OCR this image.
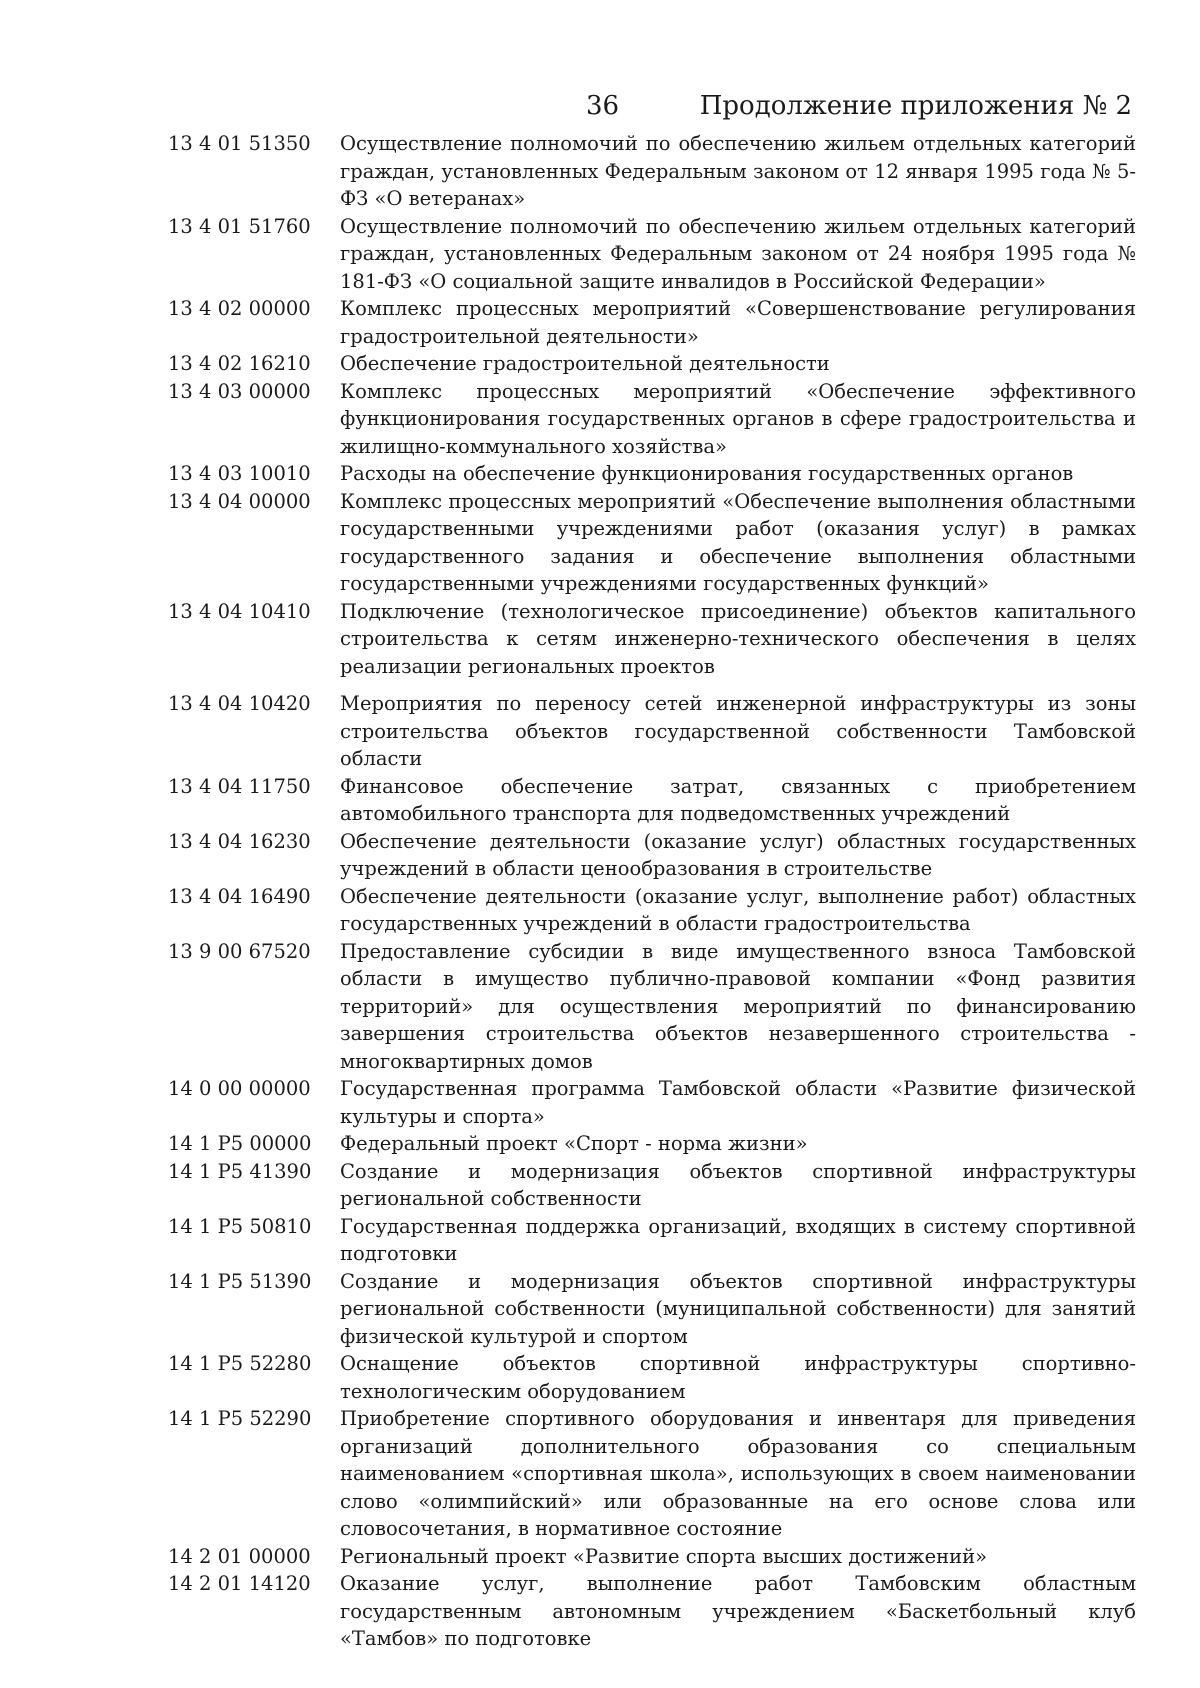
36	Продолжение приложения № 2
13 4 01 51350	Осуществление полномочий по обеспечению жильем отдельных категорий граждан, установленных Федеральным законом от 12 января 1995 года № 5-ФЗ «О ветеранах»
13 4 01 51760	Осуществление полномочий по обеспечению жильем отдельных категорий граждан, установленных Федеральным законом от 24 ноября 1995 года № 181-ФЗ «О социальной защите инвалидов в Российской Федерации»
13 4 02 00000	Комплекс процессных мероприятий «Совершенствование регулирования градостроительной деятельности»
13 4 02 16210	Обеспечение градостроительной деятельности
13 4 03 00000	Комплекс процессных мероприятий «Обеспечение эффективного функционирования государственных органов в сфере градостроительства и жилищно-коммунального хозяйства»
13 4 03 10010	Расходы на обеспечение функционирования государственных органов
13 4 04 00000	Комплекс процессных мероприятий «Обеспечение выполнения областными государственными учреждениями работ (оказания услуг) в рамках государственного задания и обеспечение выполнения областными государственными учреждениями государственных функций»
13 4 04 10410	Подключение (технологическое присоединение) объектов капитального строительства к сетям инженерно-технического обеспечения в целях реализации региональных проектов
13 4 04 10420	Мероприятия по переносу сетей инженерной инфраструктуры из зоны строительства объектов государственной собственности Тамбовской области
13 4 04 11750	Финансовое обеспечение затрат, связанных с приобретением автомобильного транспорта для подведомственных учреждений
13 4 04 16230	Обеспечение деятельности (оказание услуг) областных государственных учреждений в области ценообразования в строительстве
13 4 04 16490	Обеспечение деятельности (оказание услуг, выполнение работ) областных государственных учреждений в области градостроительства
13 9 00 67520	Предоставление субсидии в виде имущественного взноса Тамбовской области в имущество публично-правовой компании «Фонд развития территорий» для осуществления мероприятий по финансированию завершения строительства объектов незавершенного строительства - многоквартирных домов
14 0 00 00000	Государственная программа Тамбовской области «Развитие физической культуры и спорта»
14 1 Р5 00000	Федеральный проект «Спорт - норма жизни»
14 1 Р5 41390	Создание и модернизация объектов спортивной инфраструктуры региональной собственности
14 1 Р5 50810	Государственная поддержка организаций, входящих в систему спортивной подготовки
14 1 Р5 51390	Создание и модернизация объектов спортивной инфраструктуры региональной собственности (муниципальной собственности) для занятий физической культурой и спортом
14 1 Р5 52280	Оснащение объектов спортивной инфраструктуры спортивно-технологическим оборудованием
14 1 Р5 52290	Приобретение спортивного оборудования и инвентаря для приведения организаций дополнительного образования со специальным наименованием «спортивная школа», использующих в своем наименовании слово «олимпийский» или образованные на его основе слова или словосочетания, в нормативное состояние
14 2 01 00000	Региональный проект «Развитие спорта высших достижений»
14 2 01 14120	Оказание услуг, выполнение работ Тамбовским областным государственным автономным учреждением «Баскетбольный клуб «Тамбов» по подготовке
